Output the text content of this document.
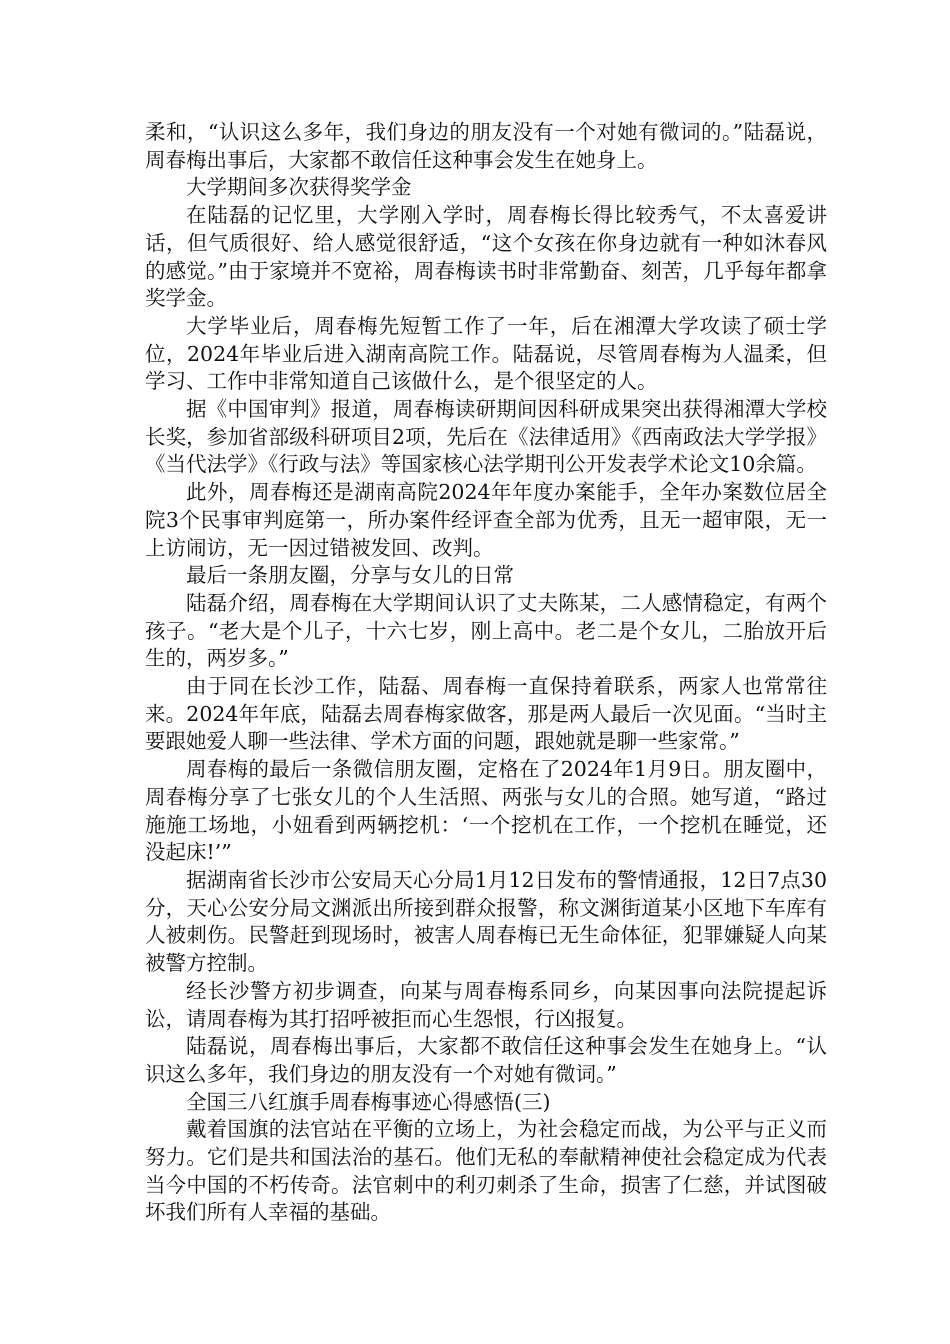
柔和，“认识这么多年，我们身边的朋友没有一个对她有微词的。”陆磊说，周春梅出事后，大家都不敢信任这种事会发生在她身上。

大学期间多次获得奖学金

在陆磊的记忆里，大学刚入学时，周春梅长得比较秀气，不太喜爱讲话，但气质很好、给人感觉很舒适，“这个女孩在你身边就有一种如沐春风的感觉。”由于家境并不宽裕，周春梅读书时非常勤奋、刻苦，几乎每年都拿奖学金。

大学毕业后，周春梅先短暂工作了一年，后在湘潭大学攻读了硕士学位，2024年毕业后进入湖南高院工作。陆磊说，尽管周春梅为人温柔，但学习、工作中非常知道自己该做什么，是个很坚定的人。

据《中国审判》报道，周春梅读研期间因科研成果突出获得湘潭大学校长奖，参加省部级科研项目2项，先后在《法律适用》《西南政法大学学报》《当代法学》《行政与法》等国家核心法学期刊公开发表学术论文10余篇。

此外，周春梅还是湖南高院2024年年度办案能手，全年办案数位居全院3个民事审判庭第一，所办案件经评查全部为优秀，且无一超审限，无一上访闹访，无一因过错被发回、改判。

最后一条朋友圈，分享与女儿的日常

陆磊介绍，周春梅在大学期间认识了丈夫陈某，二人感情稳定，有两个孩子。“老大是个儿子，十六七岁，刚上高中。老二是个女儿，二胎放开后生的，两岁多。”

由于同在长沙工作，陆磊、周春梅一直保持着联系，两家人也常常往来。2024年年底，陆磊去周春梅家做客，那是两人最后一次见面。“当时主要跟她爱人聊一些法律、学术方面的问题，跟她就是聊一些家常。”

周春梅的最后一条微信朋友圈，定格在了2024年1月9日。朋友圈中，周春梅分享了七张女儿的个人生活照、两张与女儿的合照。她写道，“路过施施工场地，小妞看到两辆挖机：‘一个挖机在工作，一个挖机在睡觉，还没起床!’”

据湖南省长沙市公安局天心分局1月12日发布的警情通报，12日7点30分，天心公安分局文渊派出所接到群众报警，称文渊街道某小区地下车库有人被刺伤。民警赶到现场时，被害人周春梅已无生命体征，犯罪嫌疑人向某被警方控制。

经长沙警方初步调查，向某与周春梅系同乡，向某因事向法院提起诉讼，请周春梅为其打招呼被拒而心生怨恨，行凶报复。

陆磊说，周春梅出事后，大家都不敢信任这种事会发生在她身上。“认识这么多年，我们身边的朋友没有一个对她有微词。”

全国三八红旗手周春梅事迹心得感悟(三)

戴着国旗的法官站在平衡的立场上，为社会稳定而战，为公平与正义而努力。它们是共和国法治的基石。他们无私的奉献精神使社会稳定成为代表当今中国的不朽传奇。法官刺中的利刃刺杀了生命，损害了仁慈，并试图破坏我们所有人幸福的基础。
